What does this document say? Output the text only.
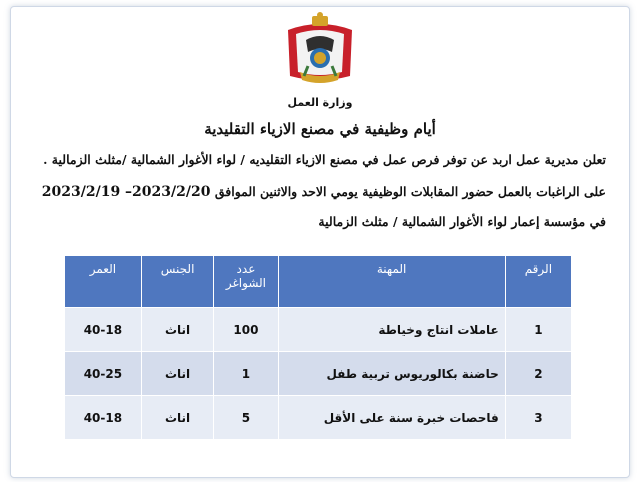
وزارة العمل
أيام وظيفية في مصنع الازياء التقليدية
تعلن مديرية عمل اربد عن توفر فرص عمل في مصنع الازياء التقليديه / لواء الأغوار الشمالية /مثلث الزمالية .
على الراغبات بالعمل حضور المقابلات الوظيفية يومي الاحد والاثنين الموافق 2023/2/19 –2023/2/20
في مؤسسة إعمار لواء الأغوار الشمالية / مثلث الزمالية
الرقم	المهنة	عدد الشواغر	الجنس	العمر
1	عاملات انتاج وخياطة	100	اناث	40-18
2	حاضنة بكالوريوس تربية طفل	1	اناث	40-25
3	فاحصات خبرة سنة على الأقل	5	اناث	40-18
